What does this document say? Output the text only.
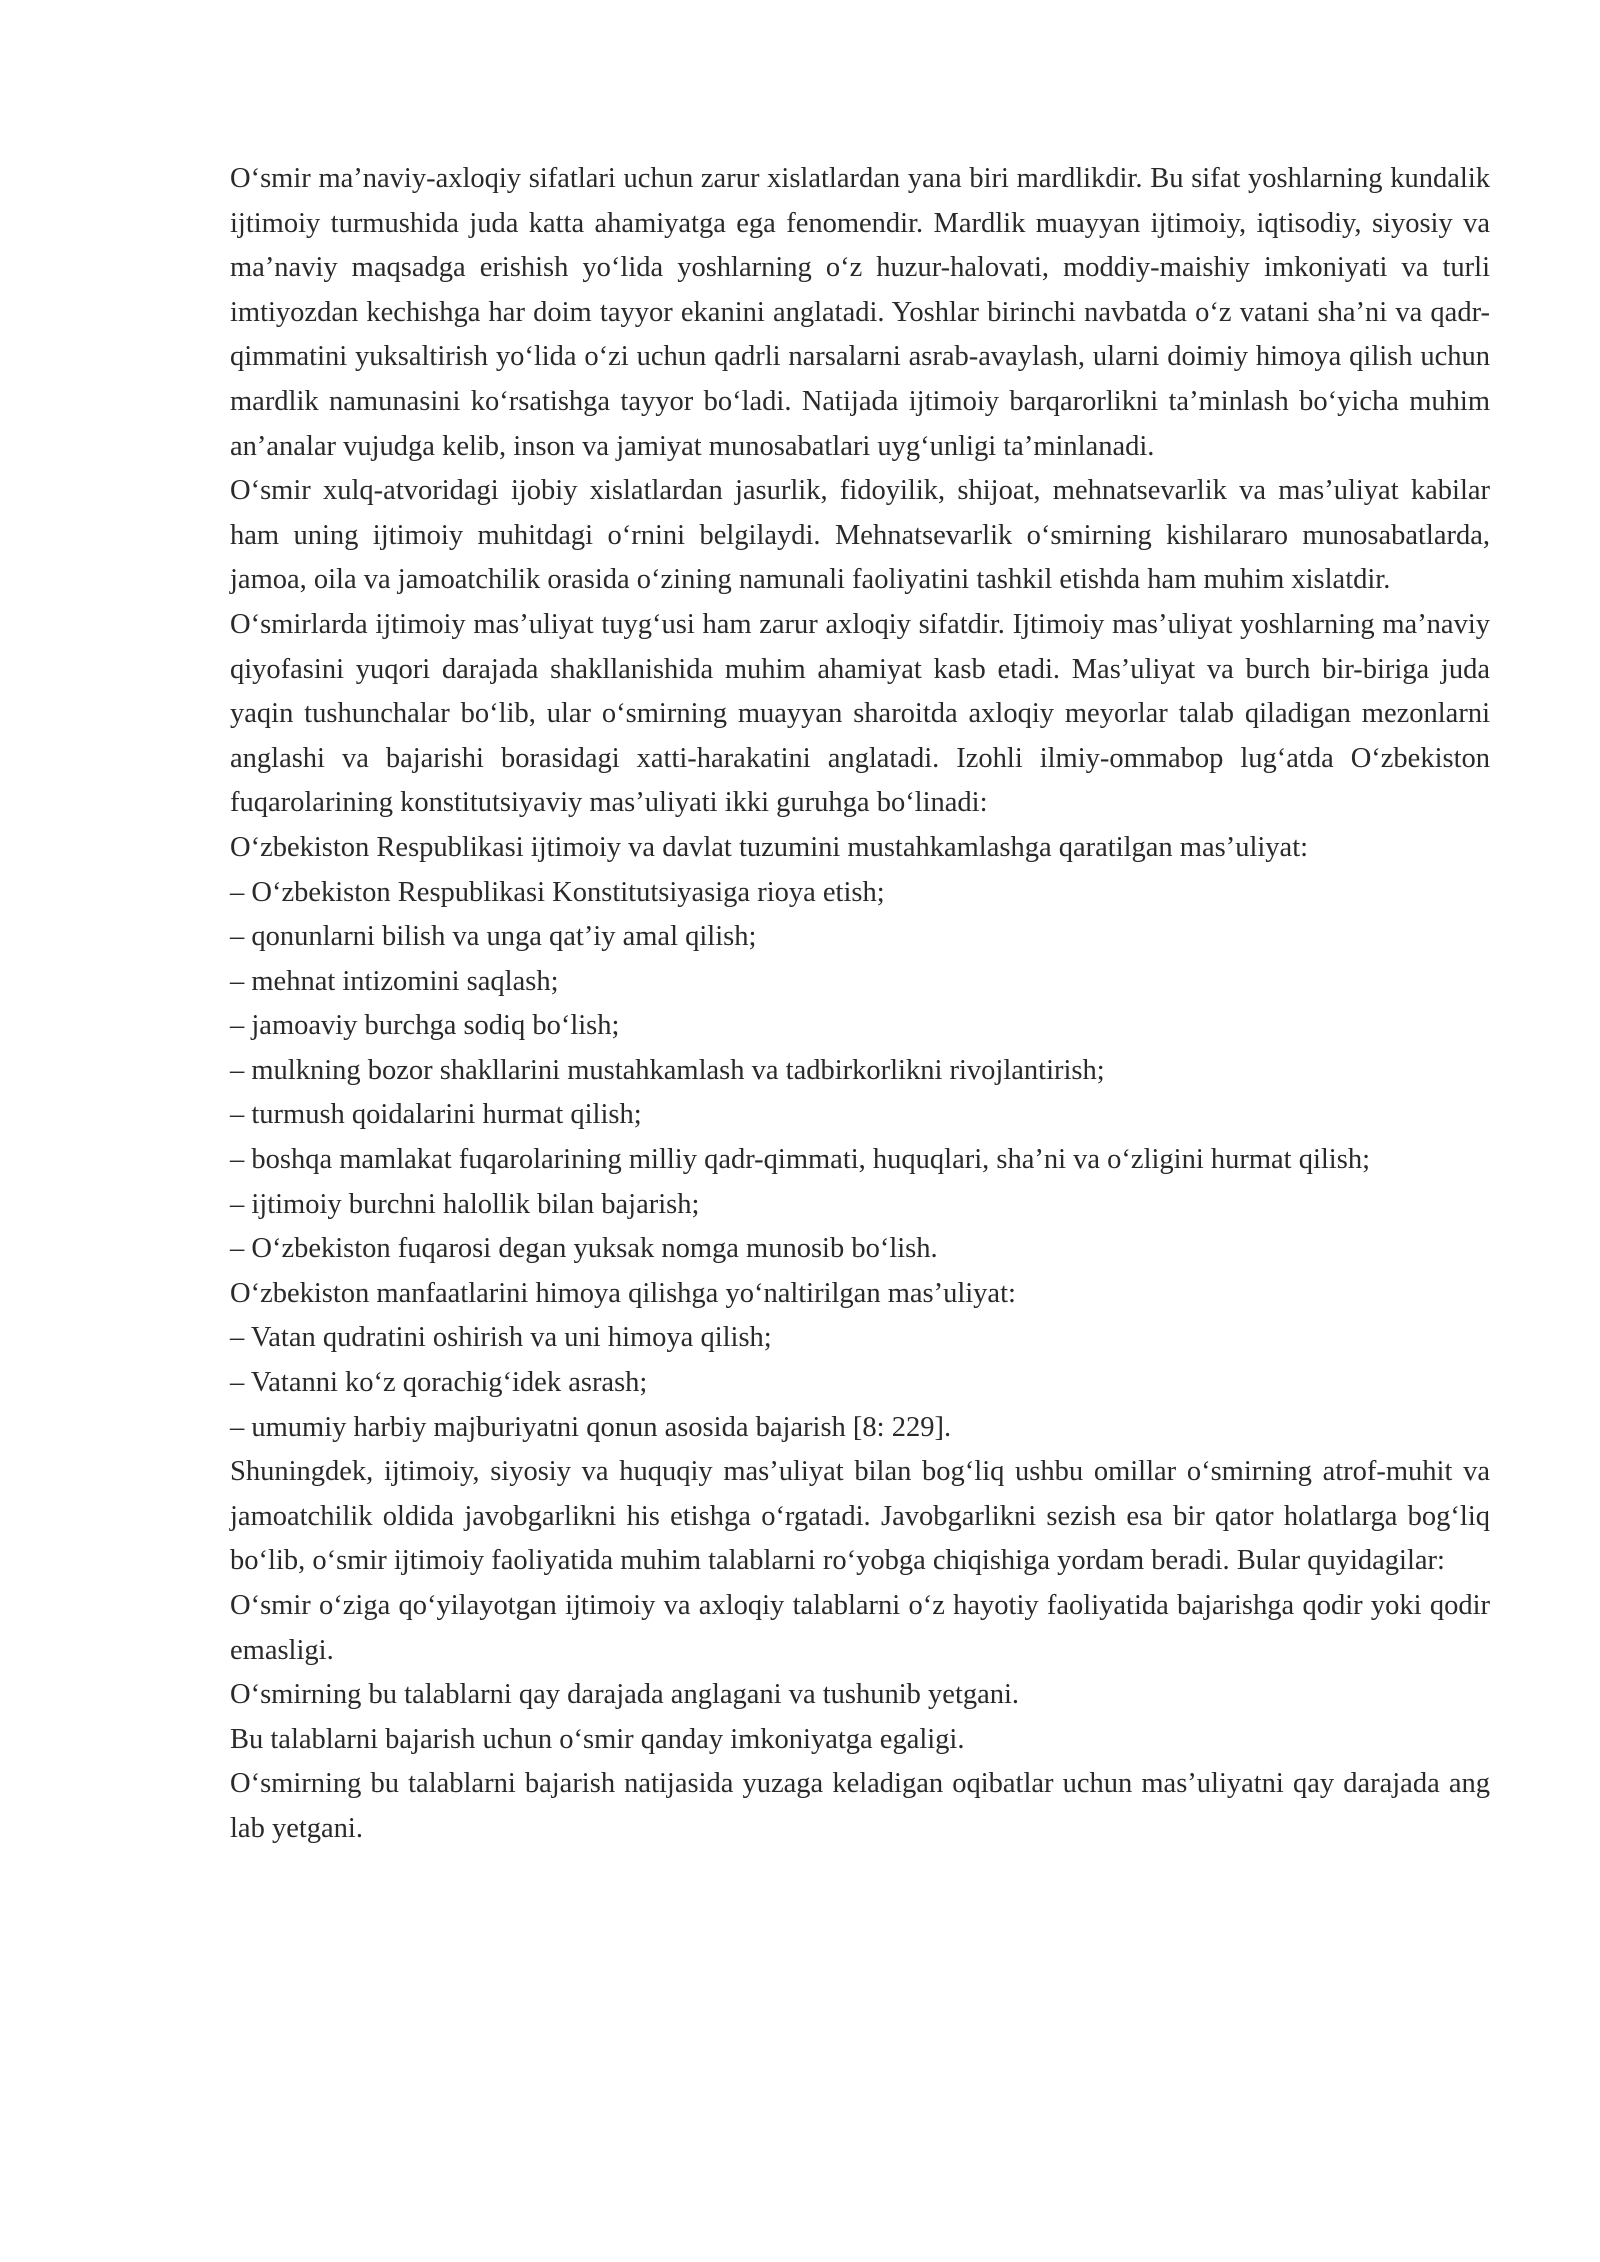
O‘smir ma’naviy-axloqiy sifatlari uchun zarur xislatlardan yana biri mardlikdir. Bu sifat yoshlarning kundalik ijtimoiy turmushida juda katta ahamiyatga ega fenomendir. Mardlik muayyan ijtimoiy, iqtisodiy, siyosiy va ma’naviy maqsadga erishish yo‘lida yoshlarning o‘z huzur-halovati, moddiy-maishiy imkoniyati va turli imtiyozdan kechishga har doim tayyor ekanini anglatadi. Yoshlar birinchi navbatda o‘z vatani sha’ni va qadr-qimmatini yuksaltirish yo‘lida o‘zi uchun qadrli narsalarni asrab-avaylash, ularni doimiy himoya qilish uchun mardlik namunasini ko‘rsatishga tayyor bo‘ladi. Natijada ijtimoiy barqarorlikni ta’minlash bo‘yicha muhim an’analar vujudga kelib, inson va jamiyat munosabatlari uyg‘unligi ta’minlanadi.

O‘smir xulq-atvoridagi ijobiy xislatlardan jasurlik, fidoyilik, shijoat, mehnatsevarlik va mas’uliyat kabilar ham uning ijtimoiy muhitdagi o‘rnini belgilaydi. Mehnatsevarlik o‘smirning kishilararo munosabatlarda, jamoa, oila va jamoatchilik orasida o‘zining namunali faoliyatini tashkil etishda ham muhim xislatdir.

O‘smirlarda ijtimoiy mas’uliyat tuyg‘usi ham zarur axloqiy sifatdir. Ijtimoiy mas’uliyat yoshlarning ma’naviy qiyofasini yuqori darajada shakllanishida muhim ahamiyat kasb etadi. Mas’uliyat va burch bir-biriga juda yaqin tushunchalar bo‘lib, ular o‘smirning muayyan sharoitda axloqiy meyorlar talab qiladigan mezonlarni anglashi va bajarishi borasidagi xatti-harakatini anglatadi. Izohli ilmiy-ommabop lug‘atda O‘zbekiston fuqarolarining konstitutsiyaviy mas’uliyati ikki guruhga bo‘linadi:

O‘zbekiston Respublikasi ijtimoiy va davlat tuzumini mustahkamlashga qaratilgan mas’uliyat:

– O‘zbekiston Respublikasi Konstitutsiyasiga rioya etish;

– qonunlarni bilish va unga qat’iy amal qilish;

– mehnat intizomini saqlash;

– jamoaviy burchga sodiq bo‘lish;

– mulkning bozor shakllarini mustahkamlash va tadbirkorlikni rivojlantirish;

– turmush qoidalarini hurmat qilish;

– boshqa mamlakat fuqarolarining milliy qadr-qimmati, huquqlari, sha’ni va o‘zligini hurmat qilish;

– ijtimoiy burchni halollik bilan bajarish;

– O‘zbekiston fuqarosi degan yuksak nomga munosib bo‘lish.

O‘zbekiston manfaatlarini himoya qilishga yo‘naltirilgan mas’uliyat:

– Vatan qudratini oshirish va uni himoya qilish;

– Vatanni ko‘z qorachig‘idek asrash;

– umumiy harbiy majburiyatni qonun asosida bajarish [8: 229].

Shuningdek, ijtimoiy, siyosiy va huquqiy mas’uliyat bilan bog‘liq ushbu omillar o‘smirning atrof-muhit va jamoatchilik oldida javobgarlikni his etishga o‘rgatadi. Javobgarlikni sezish esa bir qator holatlarga bog‘liq bo‘lib, o‘smir ijtimoiy faoliyatida muhim talablarni ro‘yobga chiqishiga yordam beradi. Bular quyidagilar:

O‘smir o‘ziga qo‘yilayotgan ijtimoiy va axloqiy talablarni o‘z hayotiy faoliyatida bajarishga qodir yoki qodir emasligi.

O‘smirning bu talablarni qay darajada anglagani va tushunib yetgani.

Bu talablarni bajarish uchun o‘smir qanday imkoniyatga egaligi.

O‘smirning bu talablarni bajarish natijasida yuzaga keladigan oqibatlar uchun mas’uliyatni qay darajada ang lab yetgani.
